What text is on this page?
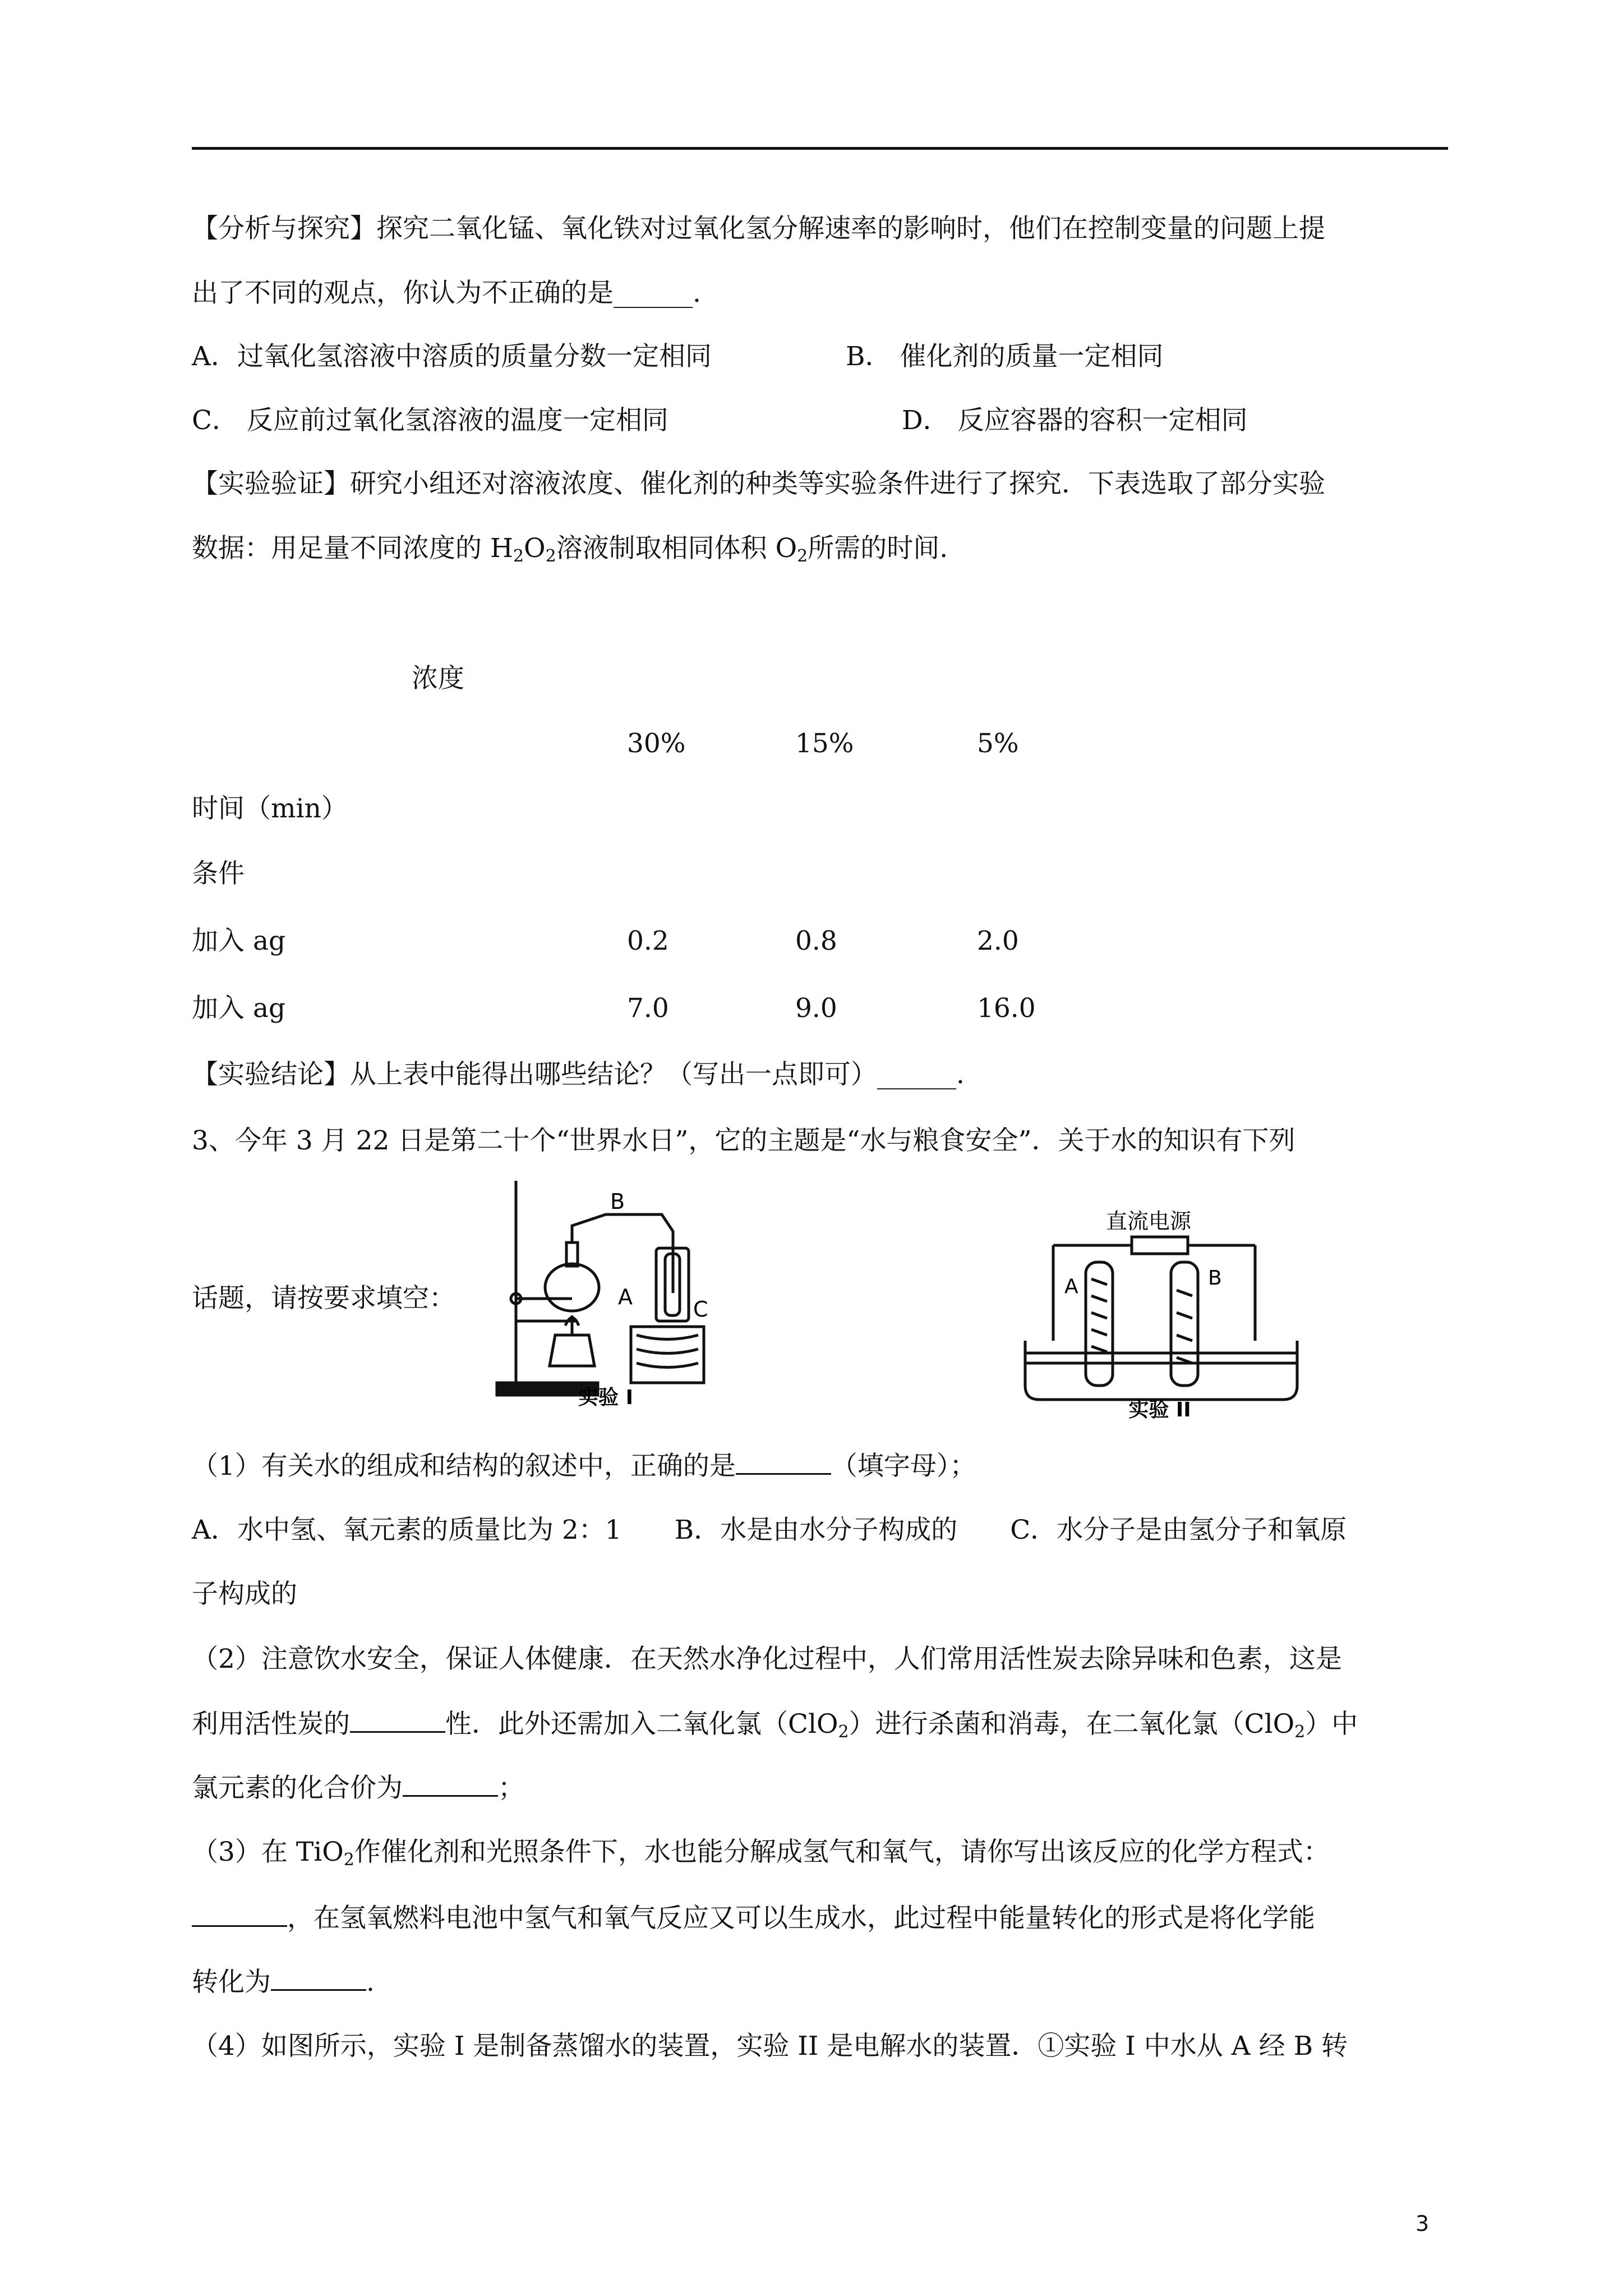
【分析与探究】探究二氧化锰、氧化铁对过氧化氢分解速率的影响时，他们在控制变量的问题上提
出了不同的观点，你认为不正确的是______.
A．过氧化氢溶液中溶质的质量分数一定相同	B． 催化剂的质量一定相同
C． 反应前过氧化氢溶液的温度一定相同	D． 反应容器的容积一定相同
【实验验证】研究小组还对溶液浓度、催化剂的种类等实验条件进行了探究．下表选取了部分实验
数据：用足量不同浓度的 $H_2O_2$溶液制取相同体积 $O_2$所需的时间.
浓度
30%	15%	5%
时间（min）
条件
加入 ag	0.2	0.8	2.0
加入 ag	7.0	9.0	16.0
【实验结论】从上表中能得出哪些结论？（写出一点即可）______.
3、今年 3 月 22 日是第二十个“世界水日”，它的主题是“水与粮食安全”．关于水的知识有下列
话题，请按要求填空：
B
A	C
实验 I
直流电源
A	B
实验 II
（1）有关水的组成和结构的叙述中，正确的是	（填字母）；
A．水中氢、氧元素的质量比为 2：1　　B．水是由水分子构成的　　C．水分子是由氢分子和氧原
子构成的
（2）注意饮水安全，保证人体健康．在天然水净化过程中，人们常用活性炭去除异味和色素，这是
利用活性炭的	性．此外还需加入二氧化氯（ClO$_2$）进行杀菌和消毒，在二氧化氯（ClO$_2$）中
氯元素的化合价为	；
（3）在 TiO$_2$作催化剂和光照条件下，水也能分解成氢气和氧气，请你写出该反应的化学方程式：
，在氢氧燃料电池中氢气和氧气反应又可以生成水，此过程中能量转化的形式是将化学能
转化为	.
（4）如图所示，实验 I 是制备蒸馏水的装置，实验 II 是电解水的装置．①实验 I 中水从 A 经 B 转
3
